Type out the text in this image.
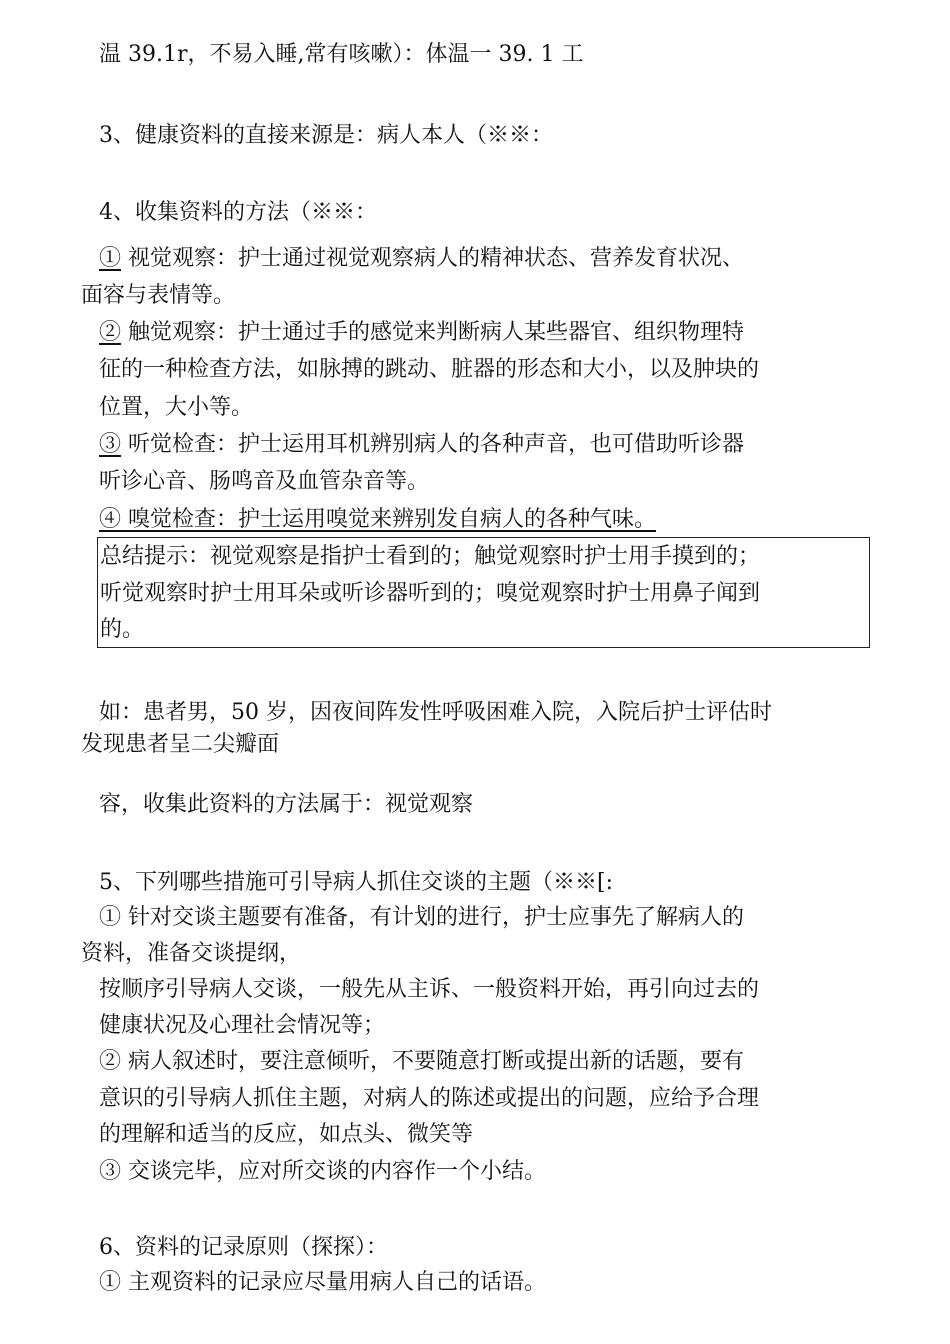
温 39.1r，不易入睡,常有咳嗽）：体温一 39. 1 工
3、健康资料的直接来源是：病人本人（※※：
4、收集资料的方法（※※：
① 视觉观察：护士通过视觉观察病人的精神状态、营养发育状况、
面容与表情等。
② 触觉观察：护士通过手的感觉来判断病人某些器官、组织物理特
征的一种检查方法，如脉搏的跳动、脏器的形态和大小，以及肿块的
位置，大小等。
③ 听觉检查：护士运用耳机辨别病人的各种声音，也可借助听诊器
听诊心音、肠鸣音及血管杂音等。
④ 嗅觉检查：护士运用嗅觉来辨别发自病人的各种气味。
总结提示：视觉观察是指护士看到的；触觉观察时护士用手摸到的；
听觉观察时护士用耳朵或听诊器听到的；嗅觉观察时护士用鼻子闻到
的。
如：患者男，50 岁，因夜间阵发性呼吸困难入院，入院后护士评估时
发现患者呈二尖瓣面
容，收集此资料的方法属于：视觉观察
5、下列哪些措施可引导病人抓住交谈的主题（※※[:
① 针对交谈主题要有准备，有计划的进行，护士应事先了解病人的
资料，准备交谈提纲，
按顺序引导病人交谈，一般先从主诉、一般资料开始，再引向过去的
健康状况及心理社会情况等；
② 病人叙述时，要注意倾听，不要随意打断或提出新的话题，要有
意识的引导病人抓住主题，对病人的陈述或提出的问题，应给予合理
的理解和适当的反应，如点头、微笑等
③ 交谈完毕，应对所交谈的内容作一个小结。
6、资料的记录原则（探探）：
① 主观资料的记录应尽量用病人自己的话语。
